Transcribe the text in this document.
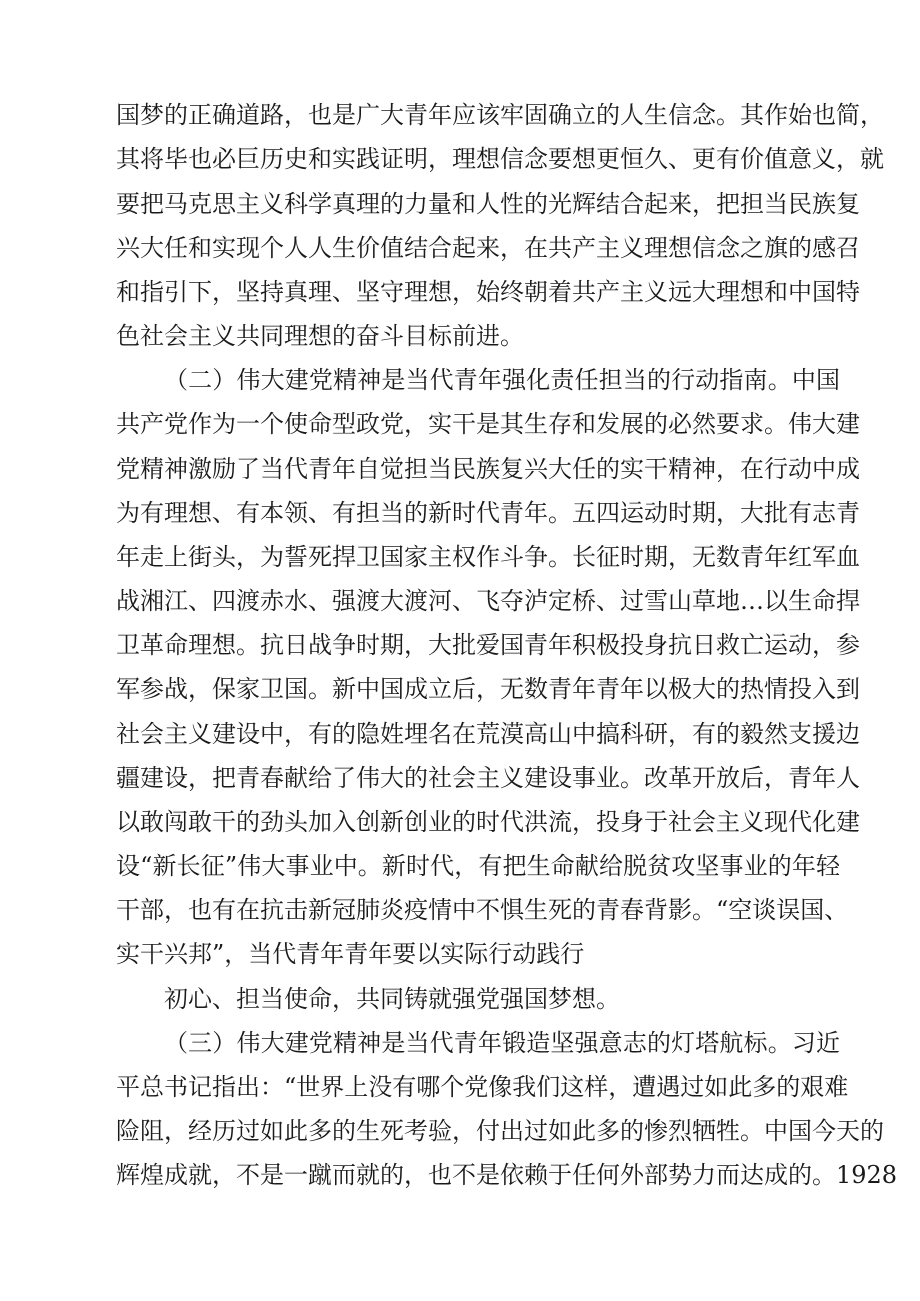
国梦的正确道路，也是广大青年应该牢固确立的人生信念。其作始也简，
其将毕也必巨历史和实践证明，理想信念要想更恒久、更有价值意义，就
要把马克思主义科学真理的力量和人性的光辉结合起来，把担当民族复
兴大任和实现个人人生价值结合起来，在共产主义理想信念之旗的感召
和指引下，坚持真理、坚守理想，始终朝着共产主义远大理想和中国特
色社会主义共同理想的奋斗目标前进。
（二）伟大建党精神是当代青年强化责任担当的行动指南。中国
共产党作为一个使命型政党，实干是其生存和发展的必然要求。伟大建
党精神激励了当代青年自觉担当民族复兴大任的实干精神，在行动中成
为有理想、有本领、有担当的新时代青年。五四运动时期，大批有志青
年走上街头，为誓死捍卫国家主权作斗争。长征时期，无数青年红军血
战湘江、四渡赤水、强渡大渡河、飞夺泸定桥、过雪山草地…以生命捍
卫革命理想。抗日战争时期，大批爱国青年积极投身抗日救亡运动，参
军参战，保家卫国。新中国成立后，无数青年青年以极大的热情投入到
社会主义建设中，有的隐姓埋名在荒漠高山中搞科研，有的毅然支援边
疆建设，把青春献给了伟大的社会主义建设事业。改革开放后，青年人
以敢闯敢干的劲头加入创新创业的时代洪流，投身于社会主义现代化建
设“新长征”伟大事业中。新时代，有把生命献给脱贫攻坚事业的年轻
干部，也有在抗击新冠肺炎疫情中不惧生死的青春背影。“空谈误国、
实干兴邦”，当代青年青年要以实际行动践行
初心、担当使命，共同铸就强党强国梦想。
（三）伟大建党精神是当代青年锻造坚强意志的灯塔航标。习近
平总书记指出：“世界上没有哪个党像我们这样，遭遇过如此多的艰难
险阻，经历过如此多的生死考验，付出过如此多的惨烈牺牲。中国今天的
辉煌成就，不是一蹴而就的，也不是依赖于任何外部势力而达成的。1928
